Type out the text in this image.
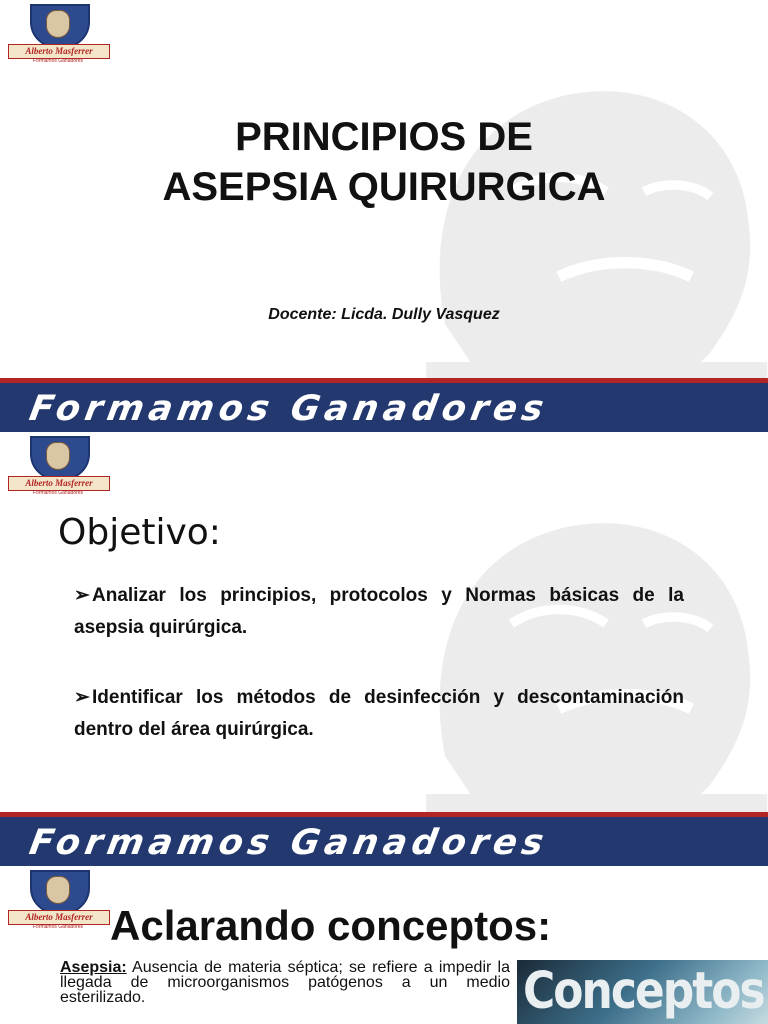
Alberto Masferrer
Formamos Ganadores
PRINCIPIOS DE
ASEPSIA QUIRURGICA
Docente: Licda. Dully Vasquez
Formamos Ganadores
Alberto Masferrer
Formamos Ganadores
Objetivo:
➢ Analizar los principios, protocolos y Normas básicas de la asepsia quirúrgica.
➢ Identificar los métodos de desinfección y descontaminación dentro del área quirúrgica.
Formamos Ganadores
Alberto Masferrer
Formamos Ganadores Aclarando conceptos:
Asepsia: Ausencia de materia séptica; se refiere a impedir la llegada de microorganismos patógenos a un medio esterilizado.	Conceptos
